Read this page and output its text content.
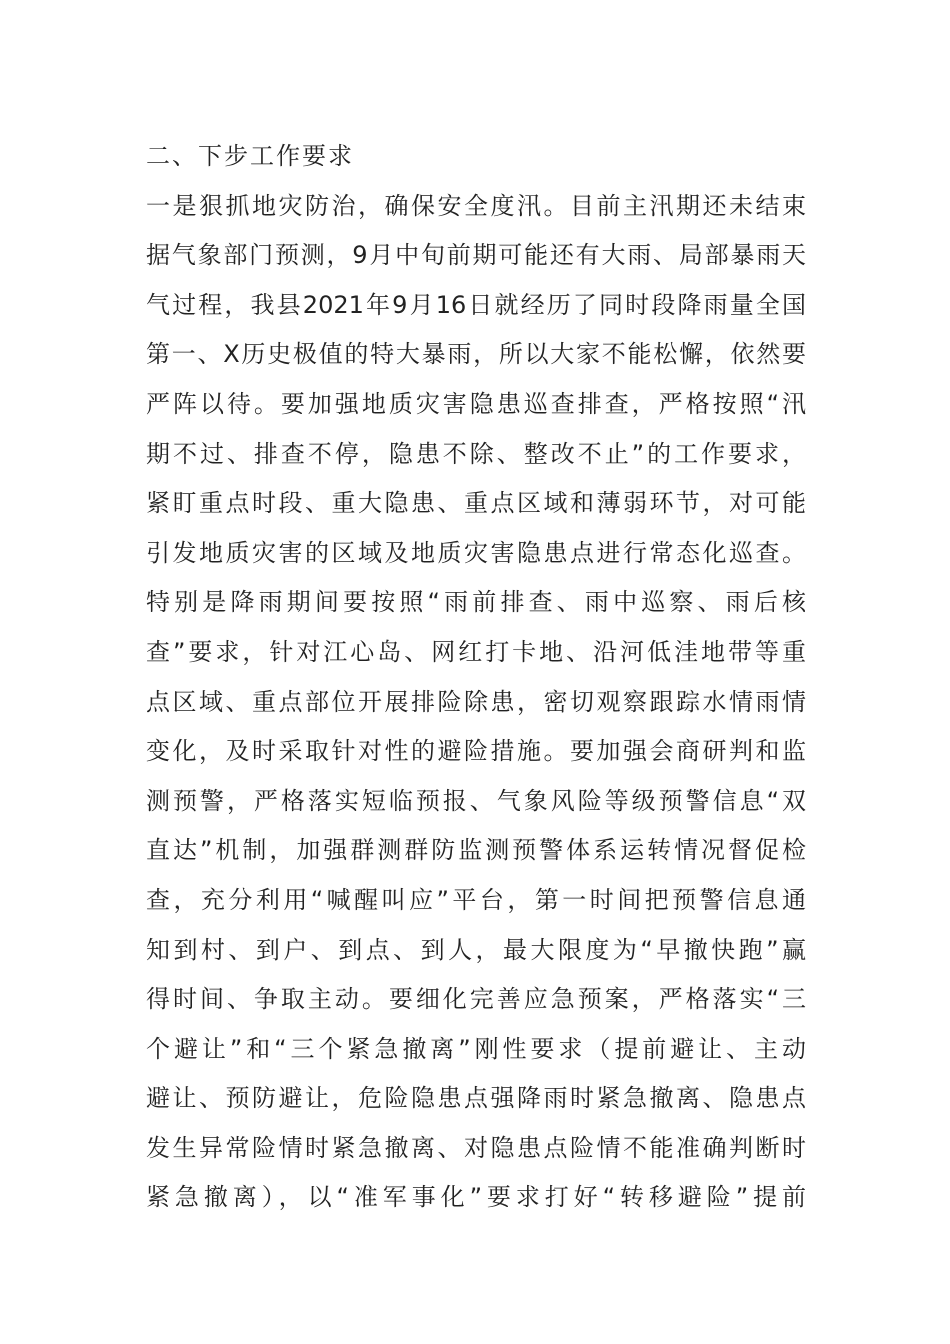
二、下步工作要求
一是狠抓地灾防治，确保安全度汛。目前主汛期还未结束
据气象部门预测，9月中旬前期可能还有大雨、局部暴雨天
气过程，我县2021年9月16日就经历了同时段降雨量全国
第一、X历史极值的特大暴雨，所以大家不能松懈，依然要
严阵以待。要加强地质灾害隐患巡查排查，严格按照“汛
期不过、排查不停，隐患不除、整改不止”的工作要求，
紧盯重点时段、重大隐患、重点区域和薄弱环节，对可能
引发地质灾害的区域及地质灾害隐患点进行常态化巡查。
特别是降雨期间要按照“雨前排查、雨中巡察、雨后核
查”要求，针对江心岛、网红打卡地、沿河低洼地带等重
点区域、重点部位开展排险除患，密切观察跟踪水情雨情
变化，及时采取针对性的避险措施。要加强会商研判和监
测预警，严格落实短临预报、气象风险等级预警信息“双
直达”机制，加强群测群防监测预警体系运转情况督促检
查，充分利用“喊醒叫应”平台，第一时间把预警信息通
知到村、到户、到点、到人，最大限度为“早撤快跑”赢
得时间、争取主动。要细化完善应急预案，严格落实“三
个避让”和“三个紧急撤离”刚性要求（提前避让、主动
避让、预防避让，危险隐患点强降雨时紧急撤离、隐患点
发生异常险情时紧急撤离、对隐患点险情不能准确判断时
紧急撤离），以“准军事化”要求打好“转移避险”提前
